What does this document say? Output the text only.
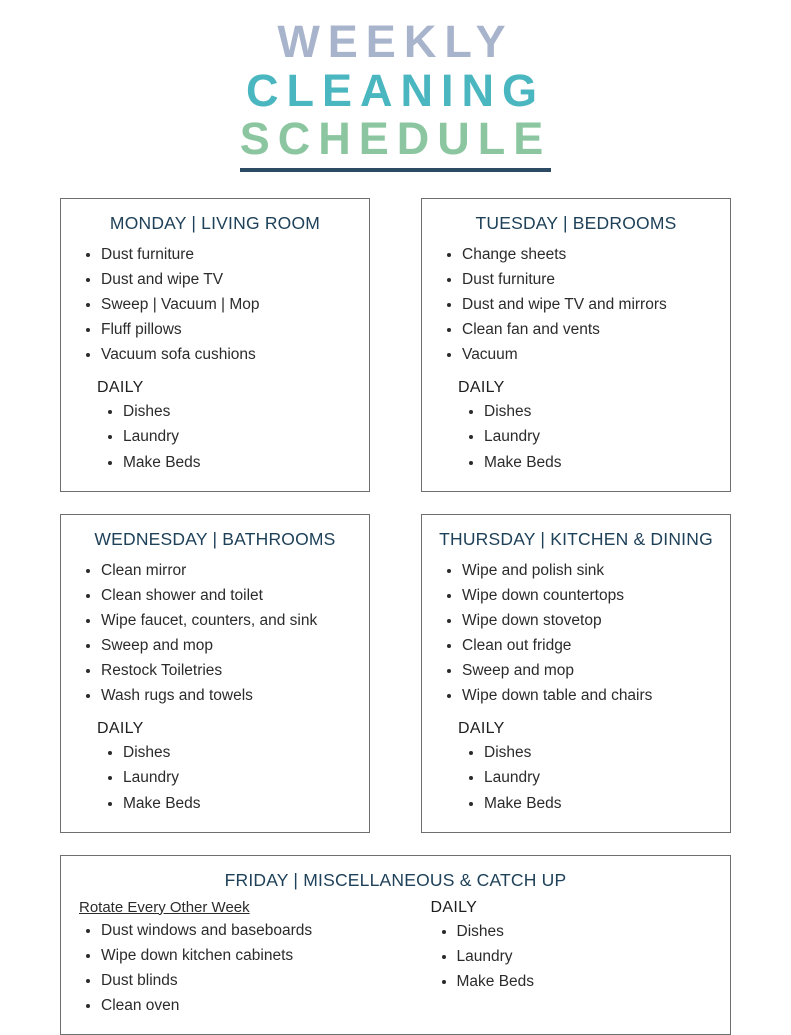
WEEKLY
CLEANING
SCHEDULE
MONDAY | LIVING ROOM
• Dust furniture
• Dust and wipe TV
• Sweep | Vacuum | Mop
• Fluff pillows
• Vacuum sofa cushions
DAILY
• Dishes
• Laundry
• Make Beds
TUESDAY | BEDROOMS
• Change sheets
• Dust furniture
• Dust and wipe TV and mirrors
• Clean fan and vents
• Vacuum
DAILY
• Dishes
• Laundry
• Make Beds
WEDNESDAY | BATHROOMS
• Clean mirror
• Clean shower and toilet
• Wipe faucet, counters, and sink
• Sweep and mop
• Restock Toiletries
• Wash rugs and towels
DAILY
• Dishes
• Laundry
• Make Beds
THURSDAY | KITCHEN & DINING
• Wipe and polish sink
• Wipe down countertops
• Wipe down stovetop
• Clean out fridge
• Sweep and mop
• Wipe down table and chairs
DAILY
• Dishes
• Laundry
• Make Beds
FRIDAY | MISCELLANEOUS & CATCH UP
Rotate Every Other Week
• Dust windows and baseboards
• Wipe down kitchen cabinets
• Dust blinds
• Clean oven
DAILY
• Dishes
• Laundry
• Make Beds
